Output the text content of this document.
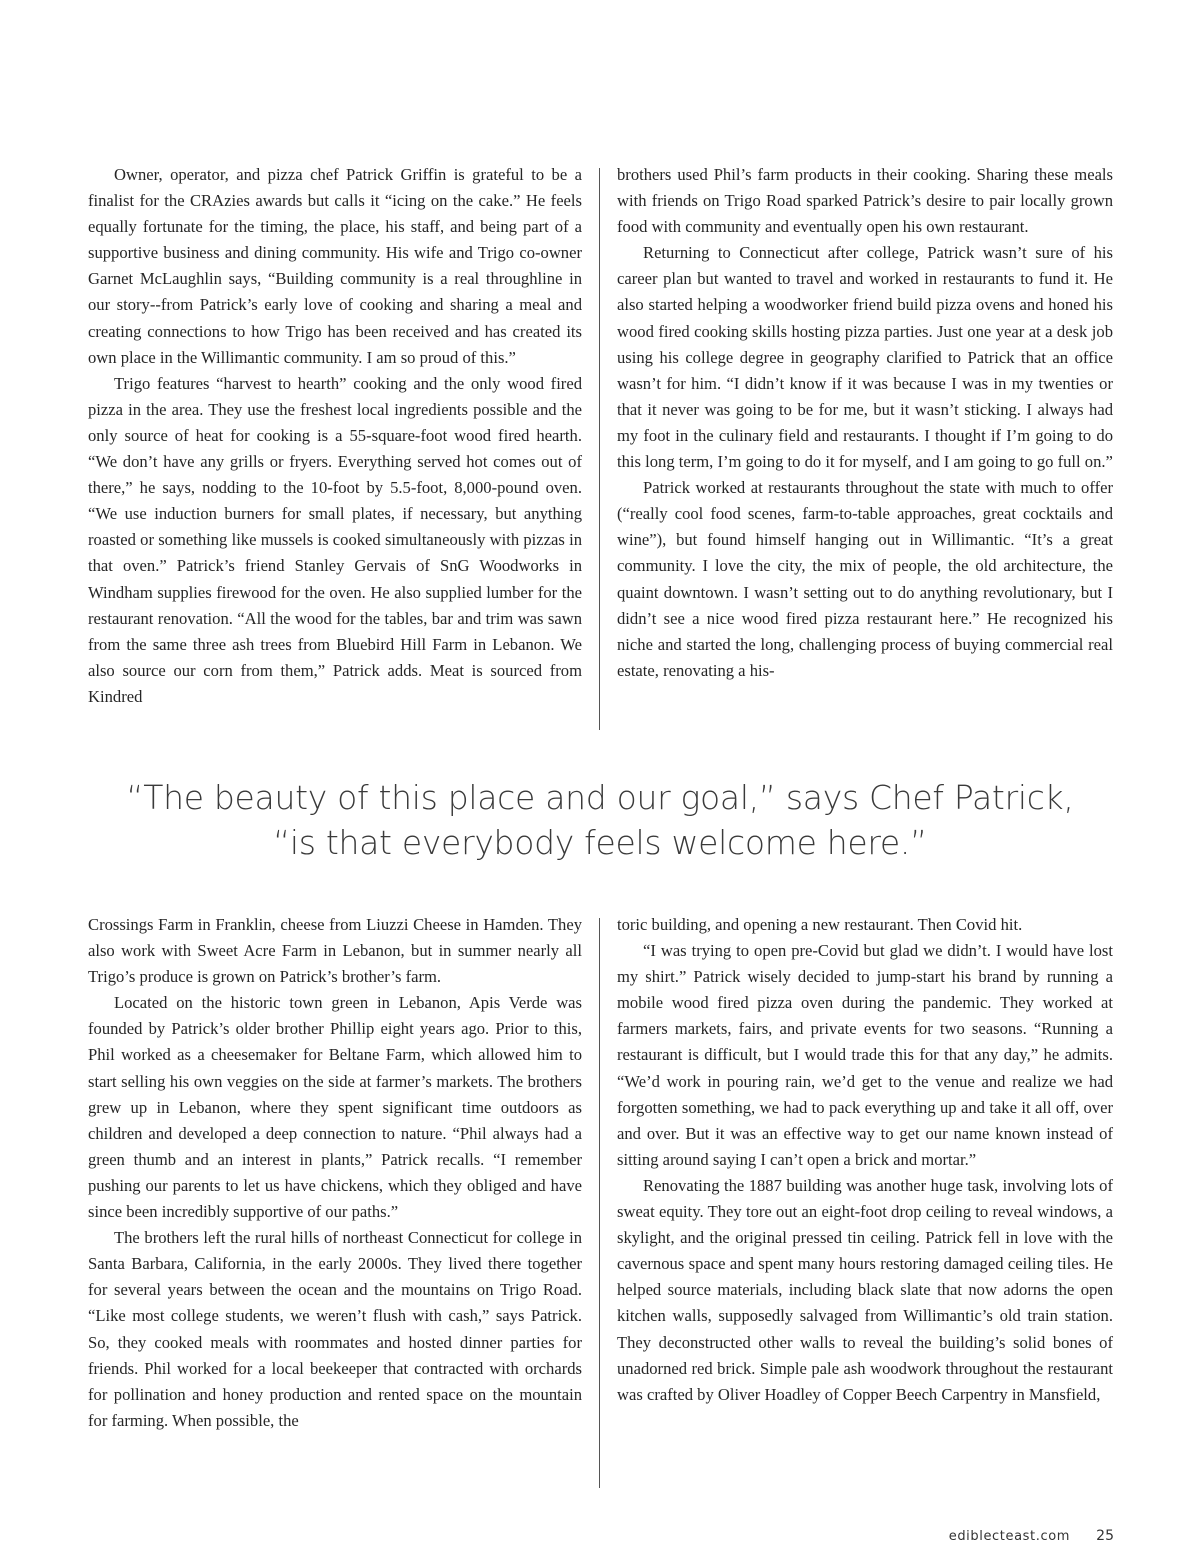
Owner, operator, and pizza chef Patrick Griffin is grateful to be a finalist for the CRAzies awards but calls it “icing on the cake.” He feels equally fortunate for the timing, the place, his staff, and being part of a supportive business and dining community. His wife and Trigo co-owner Garnet McLaughlin says, “Building community is a real throughline in our story--from Patrick’s early love of cooking and sharing a meal and creating connections to how Trigo has been received and has created its own place in the Willimantic community. I am so proud of this.”

Trigo features “harvest to hearth” cooking and the only wood fired pizza in the area. They use the freshest local ingredients possible and the only source of heat for cooking is a 55-square-foot wood fired hearth. “We don’t have any grills or fryers. Everything served hot comes out of there,” he says, nodding to the 10-foot by 5.5-foot, 8,000-pound oven. “We use induction burners for small plates, if necessary, but anything roasted or something like mussels is cooked simultaneously with pizzas in that oven.” Patrick’s friend Stanley Gervais of SnG Woodworks in Windham supplies firewood for the oven. He also supplied lumber for the restaurant renovation. “All the wood for the tables, bar and trim was sawn from the same three ash trees from Bluebird Hill Farm in Lebanon. We also source our corn from them,” Patrick adds. Meat is sourced from Kindred

brothers used Phil’s farm products in their cooking. Sharing these meals with friends on Trigo Road sparked Patrick’s desire to pair locally grown food with community and eventually open his own restaurant.

Returning to Connecticut after college, Patrick wasn’t sure of his career plan but wanted to travel and worked in restaurants to fund it. He also started helping a woodworker friend build pizza ovens and honed his wood fired cooking skills hosting pizza parties. Just one year at a desk job using his college degree in geography clarified to Patrick that an office wasn’t for him. “I didn’t know if it was because I was in my twenties or that it never was going to be for me, but it wasn’t sticking. I always had my foot in the culinary field and restaurants. I thought if I’m going to do this long term, I’m going to do it for myself, and I am going to go full on.”

Patrick worked at restaurants throughout the state with much to offer (“really cool food scenes, farm-to-table approaches, great cocktails and wine”), but found himself hanging out in Willimantic. “It’s a great community. I love the city, the mix of people, the old architecture, the quaint downtown. I wasn’t setting out to do anything revolutionary, but I didn’t see a nice wood fired pizza restaurant here.” He recognized his niche and started the long, challenging process of buying commercial real estate, renovating a his-

“The beauty of this place and our goal,” says Chef Patrick,
“is that everybody feels welcome here.”

Crossings Farm in Franklin, cheese from Liuzzi Cheese in Hamden. They also work with Sweet Acre Farm in Lebanon, but in summer nearly all Trigo’s produce is grown on Patrick’s brother’s farm.

Located on the historic town green in Lebanon, Apis Verde was founded by Patrick’s older brother Phillip eight years ago. Prior to this, Phil worked as a cheesemaker for Beltane Farm, which allowed him to start selling his own veggies on the side at farmer’s markets. The brothers grew up in Lebanon, where they spent significant time outdoors as children and developed a deep connection to nature. “Phil always had a green thumb and an interest in plants,” Patrick recalls. “I remember pushing our parents to let us have chickens, which they obliged and have since been incredibly supportive of our paths.”

The brothers left the rural hills of northeast Connecticut for college in Santa Barbara, California, in the early 2000s. They lived there together for several years between the ocean and the mountains on Trigo Road. “Like most college students, we weren’t flush with cash,” says Patrick. So, they cooked meals with roommates and hosted dinner parties for friends. Phil worked for a local beekeeper that contracted with orchards for pollination and honey production and rented space on the mountain for farming. When possible, the

toric building, and opening a new restaurant. Then Covid hit.

“I was trying to open pre-Covid but glad we didn’t. I would have lost my shirt.” Patrick wisely decided to jump-start his brand by running a mobile wood fired pizza oven during the pandemic. They worked at farmers markets, fairs, and private events for two seasons. “Running a restaurant is difficult, but I would trade this for that any day,” he admits. “We’d work in pouring rain, we’d get to the venue and realize we had forgotten something, we had to pack everything up and take it all off, over and over. But it was an effective way to get our name known instead of sitting around saying I can’t open a brick and mortar.”

Renovating the 1887 building was another huge task, involving lots of sweat equity. They tore out an eight-foot drop ceiling to reveal windows, a skylight, and the original pressed tin ceiling. Patrick fell in love with the cavernous space and spent many hours restoring damaged ceiling tiles. He helped source materials, including black slate that now adorns the open kitchen walls, supposedly salvaged from Willimantic’s old train station. They deconstructed other walls to reveal the building’s solid bones of unadorned red brick. Simple pale ash woodwork throughout the restaurant was crafted by Oliver Hoadley of Copper Beech Carpentry in Mansfield,

ediblecteast.com 25
